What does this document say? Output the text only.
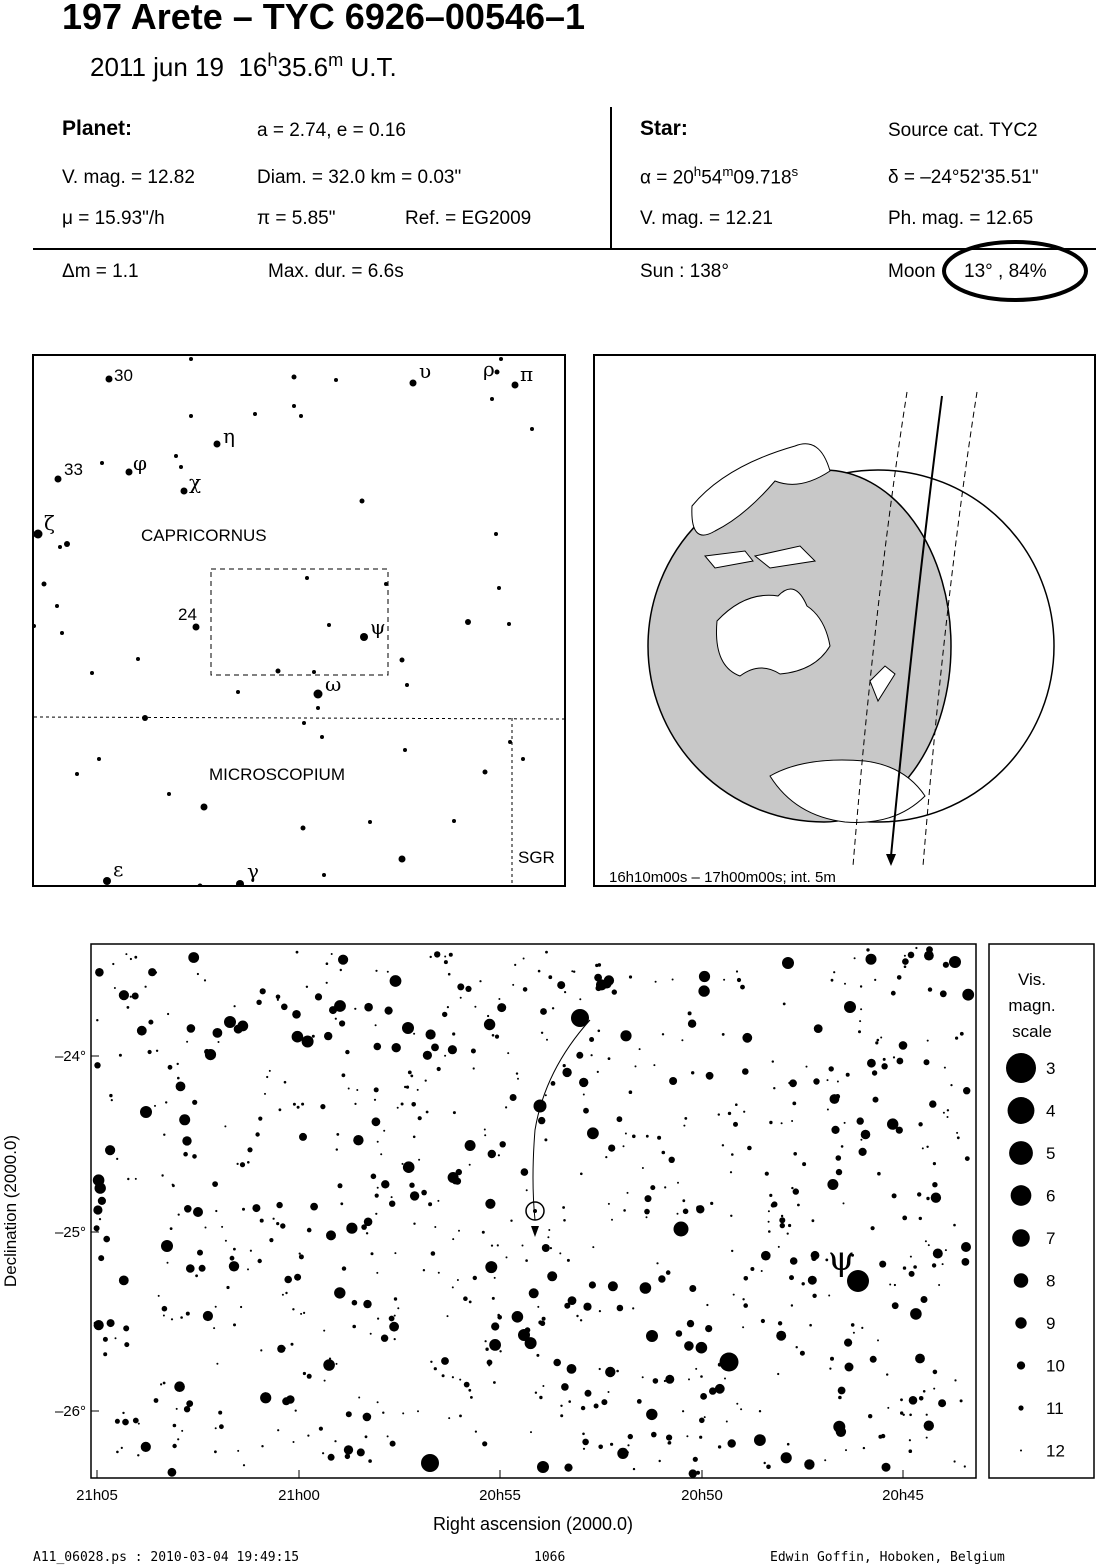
197 Arete – TYC 6926–00546–1
2011 jun 19 16$^h$35.6$^m$ U.T.
Planet:	a = 2.74, e = 0.16
V. mag. = 12.82	Diam. = 32.0 km = 0.03"
μ = 15.93"/h	π = 5.85"	Ref. = EG2009
Star:	Source cat. TYC2
$\alpha = 20^h54^m09.718^s$	δ = –24°52'35.51"
V. mag. = 12.21	Ph. mag. = 12.65
Δm = 1.1	Max. dur. = 6.6s	Sun : 138°	Moon 13° , 84%
30	υ	ρ π
η
33	φ
χ
ζ
CAPRICORNUS
24
ψ
ω
MICROSCOPIUM
SGR
ε	γ	16h10m00s – 17h00m00s; int. 5m
ψ
21h05	21h00	20h55	20h50	20h45
–24°
–25°
–26°
Right ascension (2000.0)
Declination (2000.0)
Vis.
magn.
scale
3
4
5
6
7
8
9
10
11
12
A11_06028.ps : 2010-03-04 19:49:15	1066	Edwin Goffin, Hoboken, Belgium
